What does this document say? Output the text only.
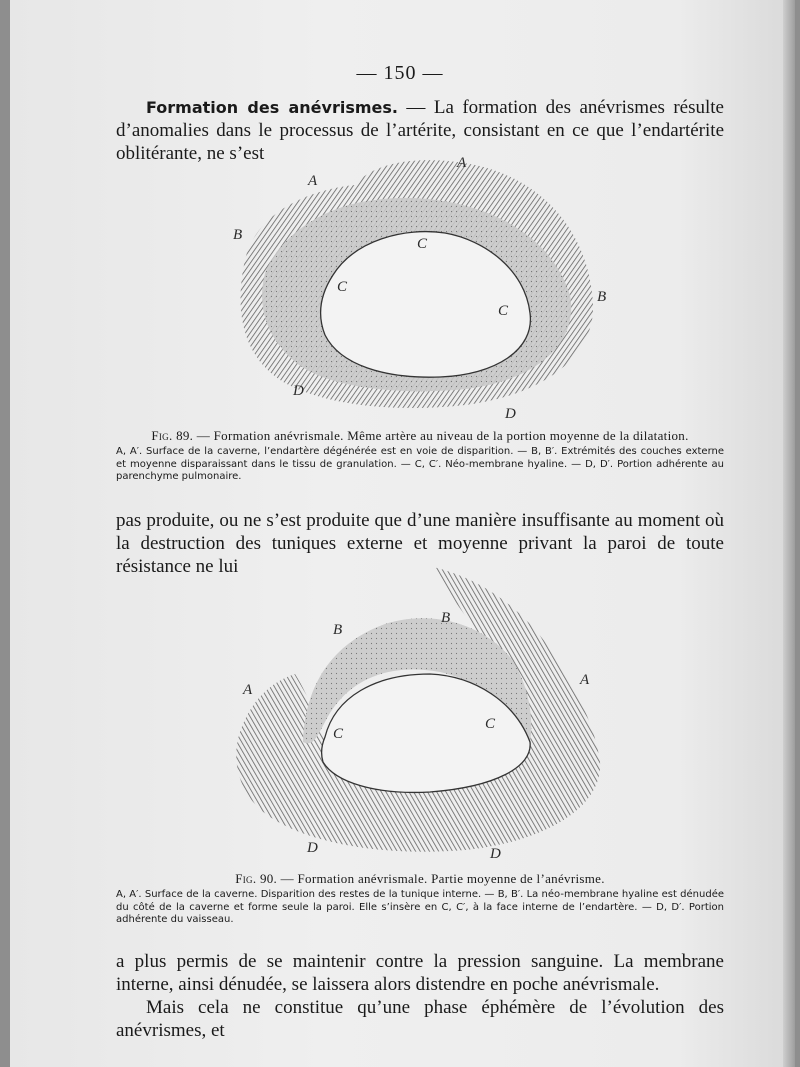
— 150 —
Formation des anévrismes. — La formation des anévrismes résulte d’anomalies dans le processus de l’artérite, consistant en ce que l’endartérite oblitérante, ne s’est
A
A
B
B
C
C
C
D
D
Fig. 89. — Formation anévrismale. Même artère au niveau de la portion moyenne de la dilatation.
A, A′. Surface de la caverne, l’endartère dégénérée est en voie de disparition. — B, B′. Extrémités des couches externe et moyenne disparaissant dans le tissu de granulation. — C, C′. Néo-membrane hyaline. — D, D′. Portion adhérente au parenchyme pulmonaire.
pas produite, ou ne s’est produite que d’une manière insuffisante au moment où la destruction des tuniques externe et moyenne privant la paroi de toute résistance ne lui
A
A
B
B
C
C
D	D
Fig. 90. — Formation anévrismale. Partie moyenne de l’anévrisme.
A, A′. Surface de la caverne. Disparition des restes de la tunique interne. — B, B′. La néo-membrane hyaline est dénudée du côté de la caverne et forme seule la paroi. Elle s’insère en C, C′, à la face interne de l’endartère. — D, D′. Portion adhérente du vaisseau.
a plus permis de se maintenir contre la pression sanguine. La membrane interne, ainsi dénudée, se laissera alors distendre en poche anévrismale.
Mais cela ne constitue qu’une phase éphémère de l’évolution des anévrismes, et
